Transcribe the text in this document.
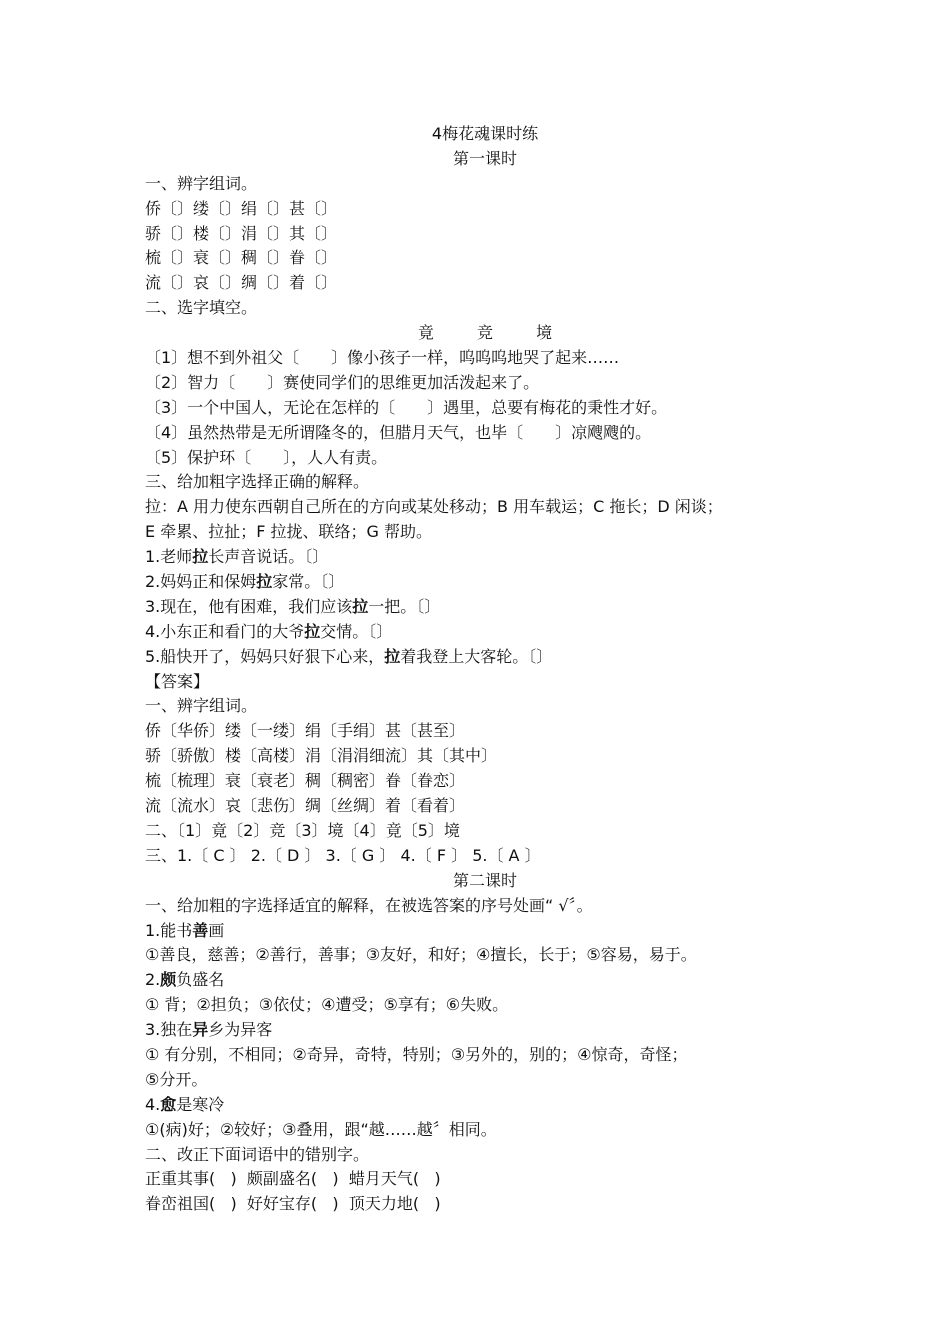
4梅花魂课时练
第一课时
一、辨字组词。
侨〔〕缕〔〕绢〔〕甚〔〕
骄〔〕楼〔〕涓〔〕其〔〕
梳〔〕衰〔〕稠〔〕眷〔〕
流〔〕哀〔〕绸〔〕着〔〕
二、选字填空。
竟	竞	境
〔1〕想不到外祖父〔　　〕像小孩子一样，呜呜呜地哭了起来……
〔2〕智力〔　　〕赛使同学们的思维更加活泼起来了。
〔3〕一个中国人，无论在怎样的〔　　〕遇里，总要有梅花的秉性才好。
〔4〕虽然热带是无所谓隆冬的，但腊月天气，也毕〔　　〕凉飕飕的。
〔5〕保护环〔　　〕，人人有责。
三、给加粗字选择正确的解释。
拉：A 用力使东西朝自己所在的方向或某处移动；B 用车载运；C 拖长；D 闲谈；
E 牵累、拉扯；F 拉拢、联络；G 帮助。
1.老师拉长声音说话。〔〕
2.妈妈正和保姆拉家常。〔〕
3.现在，他有困难，我们应该拉一把。〔〕
4.小东正和看门的大爷拉交情。〔〕
5.船快开了，妈妈只好狠下心来，拉着我登上大客轮。〔〕
【答案】
一、辨字组词。
侨〔华侨〕缕〔一缕〕绢〔手绢〕甚〔甚至〕
骄〔骄傲〕楼〔高楼〕涓〔涓涓细流〕其〔其中〕
梳〔梳理〕衰〔衰老〕稠〔稠密〕眷〔眷恋〕
流〔流水〕哀〔悲伤〕绸〔丝绸〕着〔看着〕
二、〔1〕竟〔2〕竞〔3〕境〔4〕竟〔5〕境
三、1.〔 C 〕 2.〔 D 〕 3.〔 G 〕 4.〔 F 〕 5.〔 A 〕
第二课时
一、给加粗的字选择适宜的解释，在被选答案的序号处画“ √〞。
1.能书善画
①善良，慈善；②善行，善事；③友好，和好；④擅长，长于；⑤容易，易于。
2.颇负盛名
① 背；②担负；③依仗；④遭受；⑤享有；⑥失败。
3.独在异乡为异客
① 有分别，不相同；②奇异，奇特，特别；③另外的，别的；④惊奇，奇怪；
⑤分开。
4.愈是寒冷
①(病)好；②较好；③叠用，跟“越……越〞相同。
二、改正下面词语中的错别字。
正重其事(   )  颇副盛名(   )  蜡月天气(   )
眷峦祖国(   )  好好宝存(   )  顶天力地(   )
